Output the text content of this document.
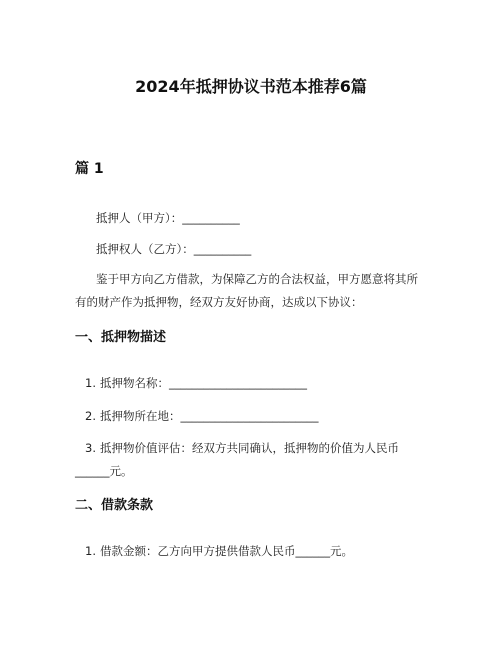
2024年抵押协议书范本推荐6篇
篇 1
抵押人（甲方）：__________
抵押权人（乙方）：__________
鉴于甲方向乙方借款，为保障乙方的合法权益，甲方愿意将其所有的财产作为抵押物，经双方友好协商，达成以下协议：
一、抵押物描述
1. 抵押物名称：________________________
2. 抵押物所在地：________________________
3. 抵押物价值评估：经双方共同确认，抵押物的价值为人民币______元。
二、借款条款
1. 借款金额：乙方向甲方提供借款人民币______元。
